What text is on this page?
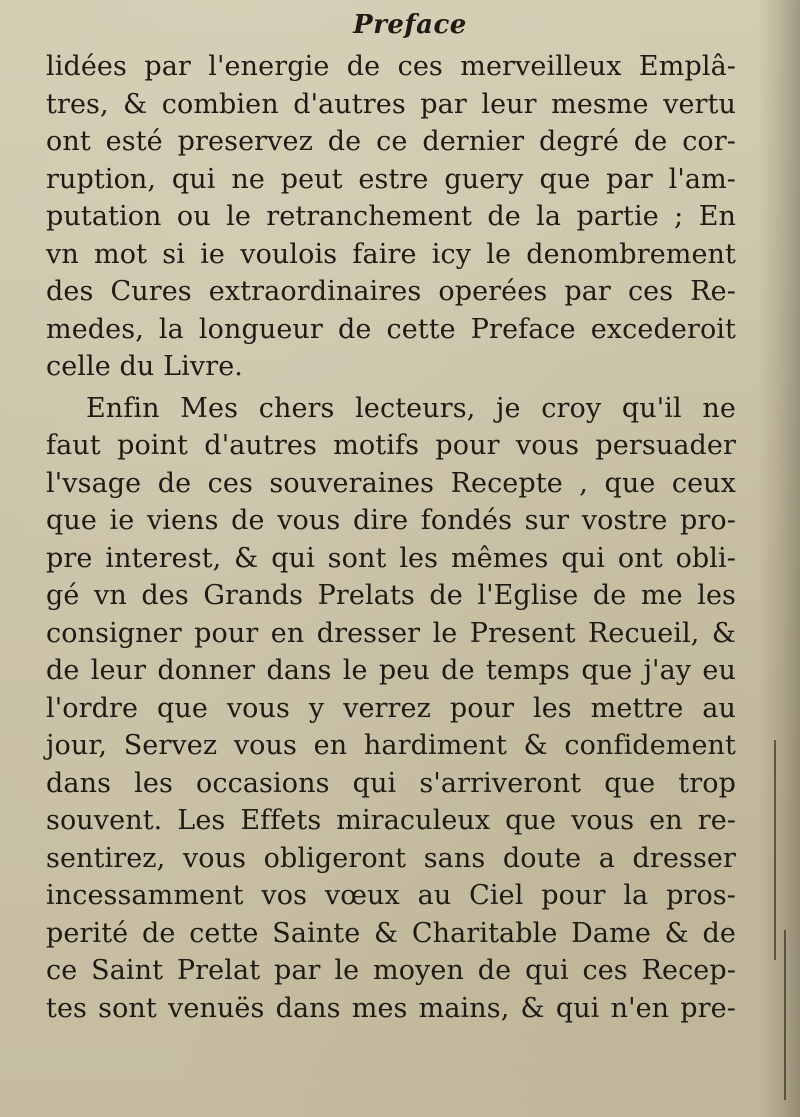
Preface
lidées par l'energie de ces merveilleux Emplâ-
tres, & combien d'autres par leur mesme vertu
ont esté preservez de ce dernier degré de cor-
ruption, qui ne peut estre guery que par l'am-
putation ou le retranchement de la partie ; En
vn mot si ie voulois faire icy le denombrement
des Cures extraordinaires operées par ces Re-
medes, la longueur de cette Preface excederoit
celle du Livre.
Enfin Mes chers lecteurs, je croy qu'il ne
faut point d'autres motifs pour vous persuader
l'vsage de ces souveraines Recepte , que ceux
que ie viens de vous dire fondés sur vostre pro-
pre interest, & qui sont les mêmes qui ont obli-
gé vn des Grands Prelats de l'Eglise de me les
consigner pour en dresser le Present Recueil, &
de leur donner dans le peu de temps que j'ay eu
l'ordre que vous y verrez pour les mettre au
jour, Servez vous en hardiment & confidement
dans les occasions qui s'arriveront que trop
souvent. Les Effets miraculeux que vous en re-
sentirez, vous obligeront sans doute a dresser
incessamment vos vœux au Ciel pour la pros-
perité de cette Sainte & Charitable Dame & de
ce Saint Prelat par le moyen de qui ces Recep-
tes sont venuës dans mes mains, & qui n'en pre-
